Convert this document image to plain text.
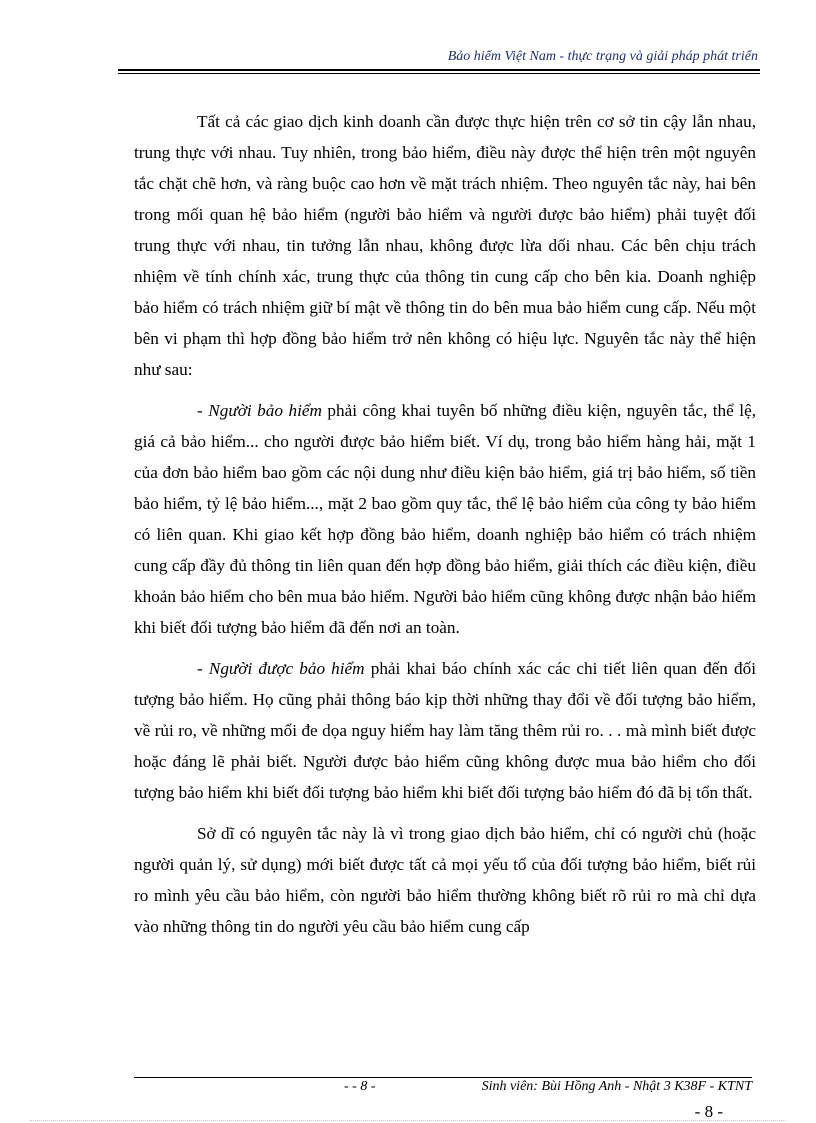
Bảo hiểm Việt Nam - thực trạng và giải pháp phát triển

Tất cả các giao dịch kinh doanh cần được thực hiện trên cơ sở tin cậy lẫn nhau, trung thực với nhau. Tuy nhiên, trong bảo hiểm, điều này được thể hiện trên một nguyên tắc chặt chẽ hơn, và ràng buộc cao hơn về mặt trách nhiệm. Theo nguyên tắc này, hai bên trong mối quan hệ bảo hiểm (người bảo hiểm và người được bảo hiểm) phải tuyệt đối trung thực với nhau, tin tưởng lẫn nhau, không được lừa dối nhau. Các bên chịu trách nhiệm về tính chính xác, trung thực của thông tin cung cấp cho bên kia. Doanh nghiệp bảo hiểm có trách nhiệm giữ bí mật về thông tin do bên mua bảo hiểm cung cấp. Nếu một bên vi phạm thì hợp đồng bảo hiểm trở nên không có hiệu lực. Nguyên tắc này thể hiện như sau:

- Người bảo hiểm phải công khai tuyên bố những điều kiện, nguyên tắc, thể lệ, giá cả bảo hiểm... cho người được bảo hiểm biết. Ví dụ, trong bảo hiểm hàng hải, mặt 1 của đơn bảo hiểm bao gồm các nội dung như điều kiện bảo hiểm, giá trị bảo hiểm, số tiền bảo hiểm, tỷ lệ bảo hiểm..., mặt 2 bao gồm quy tắc, thể lệ bảo hiểm của công ty bảo hiểm có liên quan. Khi giao kết hợp đồng bảo hiểm, doanh nghiệp bảo hiểm có trách nhiệm cung cấp đầy đủ thông tin liên quan đến hợp đồng bảo hiểm, giải thích các điều kiện, điều khoản bảo hiểm cho bên mua bảo hiểm. Người bảo hiểm cũng không được nhận bảo hiểm khi biết đối tượng bảo hiểm đã đến nơi an toàn.

- Người được bảo hiểm phải khai báo chính xác các chi tiết liên quan đến đối tượng bảo hiểm. Họ cũng phải thông báo kịp thời những thay đổi về đối tượng bảo hiểm, về rủi ro, về những mối đe dọa nguy hiểm hay làm tăng thêm rủi ro. . . mà mình biết được hoặc đáng lẽ phải biết. Người được bảo hiểm cũng không được mua bảo hiểm cho đối tượng bảo hiểm khi biết đối tượng bảo hiểm khi biết đối tượng bảo hiểm đó đã bị tổn thất.

Sở dĩ có nguyên tắc này là vì trong giao dịch bảo hiểm, chỉ có người chủ (hoặc người quản lý, sử dụng) mới biết được tất cả mọi yếu tố của đối tượng bảo hiểm, biết rủi ro mình yêu cầu bảo hiểm, còn người bảo hiểm thường không biết rõ rủi ro mà chỉ dựa vào những thông tin do người yêu cầu bảo hiểm cung cấp

- - 8 -	Sinh viên: Bùi Hồng Anh - Nhật 3 K38F - KTNT
- 8 -
